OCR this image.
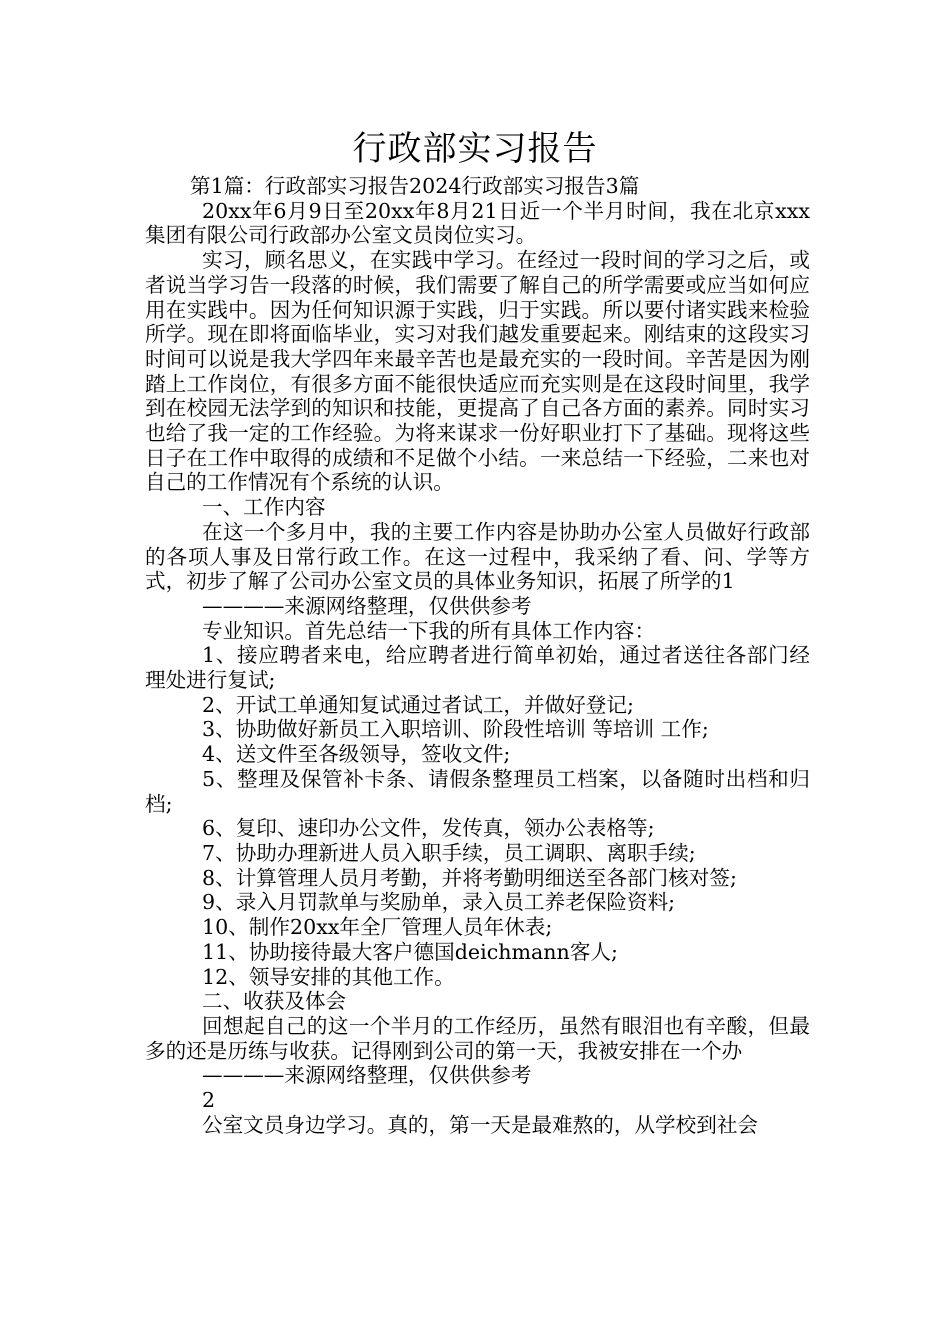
行政部实习报告

第1篇：行政部实习报告2024行政部实习报告3篇

20xx年6月9日至20xx年8月21日近一个半月时间，我在北京xxx集团有限公司行政部办公室文员岗位实习。

实习，顾名思义，在实践中学习。在经过一段时间的学习之后，或者说当学习告一段落的时候，我们需要了解自己的所学需要或应当如何应用在实践中。因为任何知识源于实践，归于实践。所以要付诸实践来检验所学。现在即将面临毕业，实习对我们越发重要起来。刚结束的这段实习时间可以说是我大学四年来最辛苦也是最充实的一段时间。辛苦是因为刚踏上工作岗位，有很多方面不能很快适应而充实则是在这段时间里，我学到在校园无法学到的知识和技能，更提高了自己各方面的素养。同时实习也给了我一定的工作经验。为将来谋求一份好职业打下了基础。现将这些日子在工作中取得的成绩和不足做个小结。一来总结一下经验，二来也对自己的工作情况有个系统的认识。

一、工作内容

在这一个多月中，我的主要工作内容是协助办公室人员做好行政部的各项人事及日常行政工作。在这一过程中，我采纳了看、问、学等方式，初步了解了公司办公室文员的具体业务知识，拓展了所学的1

————来源网络整理，仅供供参考

专业知识。首先总结一下我的所有具体工作内容：

1、接应聘者来电，给应聘者进行简单初始，通过者送往各部门经理处进行复试;

2、开试工单通知复试通过者试工，并做好登记;

3、协助做好新员工入职培训、阶段性培训 等培训 工作;

4、送文件至各级领导，签收文件;

5、整理及保管补卡条、请假条整理员工档案，以备随时出档和归档;

6、复印、速印办公文件，发传真，领办公表格等;

7、协助办理新进人员入职手续，员工调职、离职手续;

8、计算管理人员月考勤，并将考勤明细送至各部门核对签;

9、录入月罚款单与奖励单，录入员工养老保险资料;

10、制作20xx年全厂管理人员年休表;

11、协助接待最大客户德国deichmann客人;

12、领导安排的其他工作。

二、收获及体会

回想起自己的这一个半月的工作经历，虽然有眼泪也有辛酸，但最多的还是历练与收获。记得刚到公司的第一天，我被安排在一个办

————来源网络整理，仅供供参考

2

公室文员身边学习。真的，第一天是最难熬的，从学校到社会
